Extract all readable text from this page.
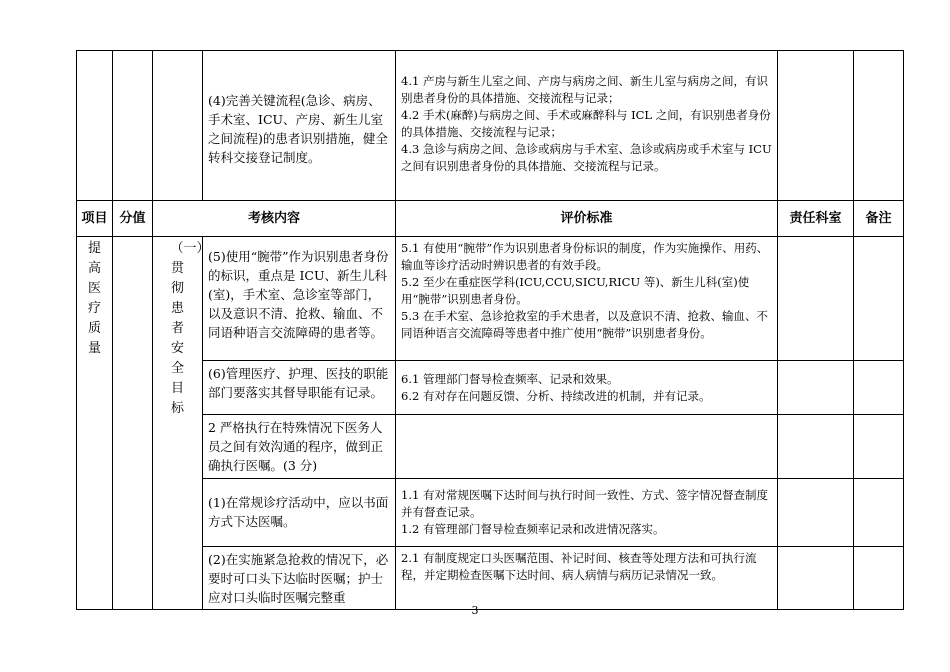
			(4)完善关键流程(急诊、病房、手术室、ICU、产房、新生儿室之间流程)的患者识别措施，健全转科交接登记制度。	4.1 产房与新生儿室之间、产房与病房之间、新生儿室与病房之间，有识别患者身份的具体措施、交接流程与记录；
4.2 手术(麻醉)与病房之间、手术或麻醉科与 ICL 之间，有识别患者身份的具体措施、交接流程与记录；
4.3 急诊与病房之间、急诊或病房与手术室、急诊或病房或手术室与 ICU 之间有识别患者身份的具体措施、交接流程与记录。		

项目	分值	考核内容		评价标准	责任科室	备注

提高医疗质量		（一）贯彻患者安全目标	(5)使用“腕带”作为识别患者身份的标识，重点是 ICU、新生儿科(室)，手术室、急诊室等部门，以及意识不清、抢救、输血、不同语种语言交流障碍的患者等。	5.1 有使用“腕带”作为识别患者身份标识的制度，作为实施操作、用药、输血等诊疗活动时辨识患者的有效手段。
5.2 至少在重症医学科(ICU,CCU,SICU,RICU 等)、新生儿科(室)使用“腕带”识别患者身份。
5.3 在手术室、急诊抢救室的手术患者，以及意识不清、抢救、输血、不同语种语言交流障碍等患者中推广使用“腕带”识别患者身份。		

			(6)管理医疗、护理、医技的职能部门要落实其督导职能有记录。	6.1 管理部门督导检查频率、记录和效果。
6.2 有对存在问题反馈、分析、持续改进的机制，并有记录。		

			2 严格执行在特殊情况下医务人员之间有效沟通的程序，做到正确执行医嘱。(3 分)			

			(1)在常规诊疗活动中，应以书面方式下达医嘱。	1.1 有对常规医嘱下达时间与执行时间一致性、方式、签字情况督查制度并有督查记录。
1.2 有管理部门督导检查频率记录和改进情况落实。		

			(2)在实施紧急抢救的情况下，必要时可口头下达临时医嘱；护士应对口头临时医嘱完整重	2.1 有制度规定口头医嘱范围、补记时间、核查等处理方法和可执行流程，并定期检查医嘱下达时间、病人病情与病历记录情况一致。		

3
